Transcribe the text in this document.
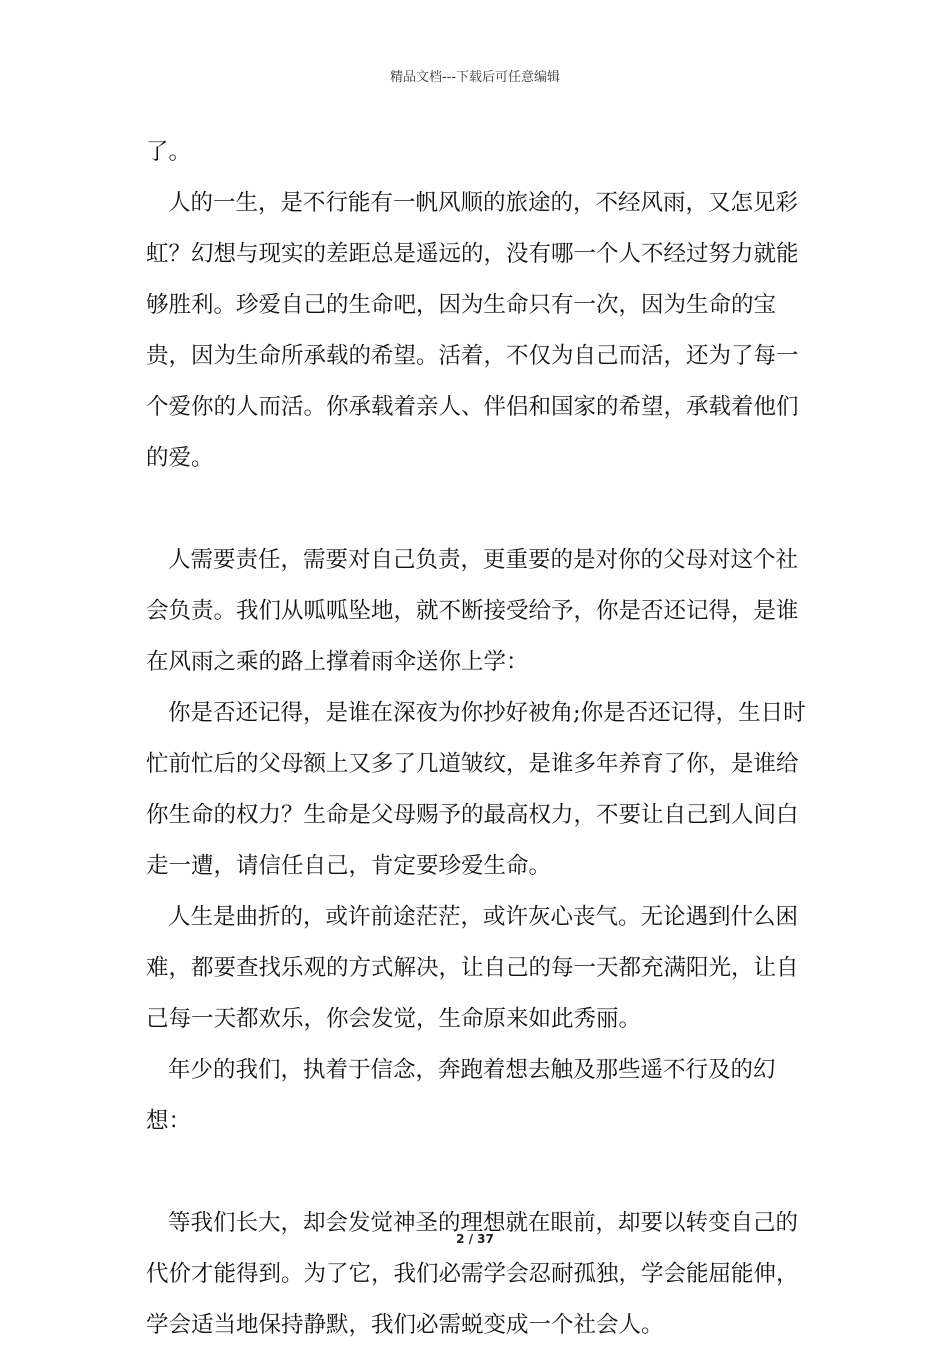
精品文档---下载后可任意编辑

了。

人的一生，是不行能有一帆风顺的旅途的，不经风雨，又怎见彩虹？幻想与现实的差距总是遥远的，没有哪一个人不经过努力就能够胜利。珍爱自己的生命吧，因为生命只有一次，因为生命的宝贵，因为生命所承载的希望。活着，不仅为自己而活，还为了每一个爱你的人而活。你承载着亲人、伴侣和国家的希望，承载着他们的爱。

人需要责任，需要对自己负责，更重要的是对你的父母对这个社会负责。我们从呱呱坠地，就不断接受给予，你是否还记得，是谁在风雨之乘的路上撑着雨伞送你上学：

你是否还记得，是谁在深夜为你抄好被角;你是否还记得，生日时忙前忙后的父母额上又多了几道皱纹，是谁多年养育了你，是谁给你生命的权力？生命是父母赐予的最高权力，不要让自己到人间白走一遭，请信任自己，肯定要珍爱生命。

人生是曲折的，或许前途茫茫，或许灰心丧气。无论遇到什么困难，都要查找乐观的方式解决，让自己的每一天都充满阳光，让自己每一天都欢乐，你会发觉，生命原来如此秀丽。

年少的我们，执着于信念，奔跑着想去触及那些遥不行及的幻想：

等我们长大，却会发觉神圣的理想就在眼前，却要以转变自己的代价才能得到。为了它，我们必需学会忍耐孤独，学会能屈能伸，学会适当地保持静默，我们必需蜕变成一个社会人。

2 / 37
